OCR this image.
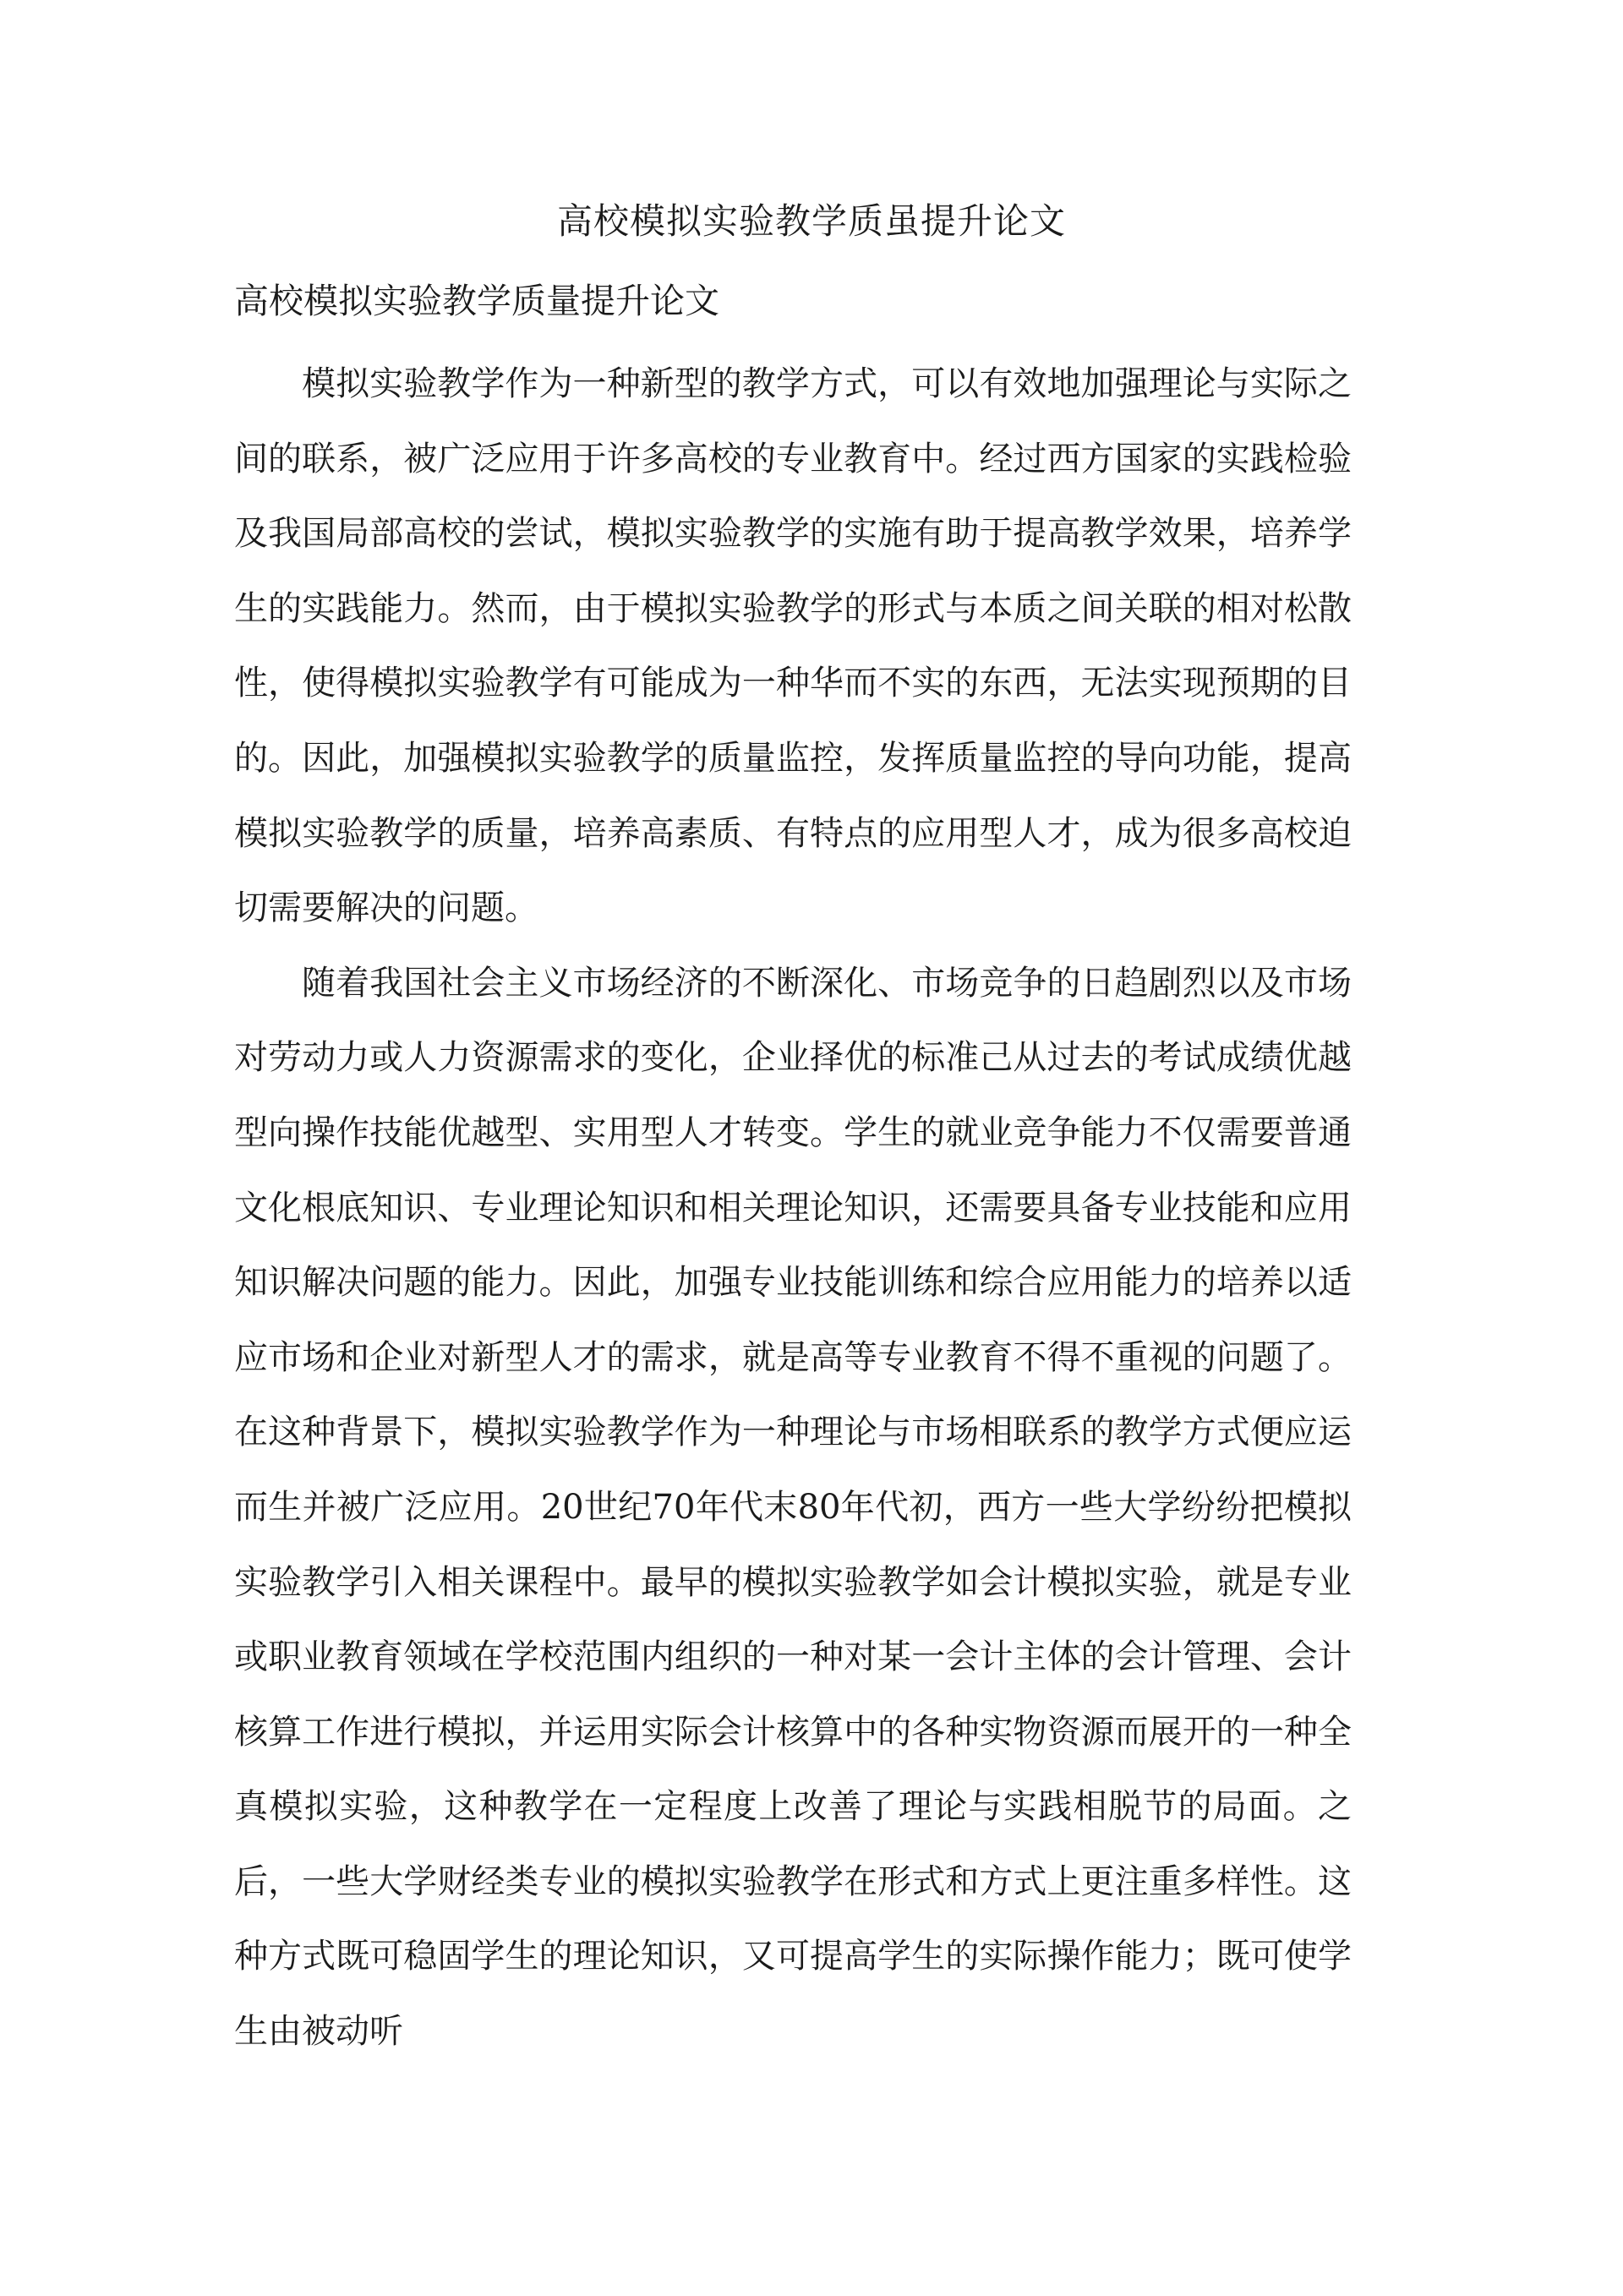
高校模拟实验教学质虽提升论文
高校模拟实验教学质量提升论文

模拟实验教学作为一种新型的教学方式，可以有效地加强理论与实际之间的联系，被广泛应用于许多高校的专业教育中。经过西方国家的实践检验及我国局部高校的尝试，模拟实验教学的实施有助于提高教学效果，培养学生的实践能力。然而，由于模拟实验教学的形式与本质之间关联的相对松散性，使得模拟实验教学有可能成为一种华而不实的东西，无法实现预期的目的。因此，加强模拟实验教学的质量监控，发挥质量监控的导向功能，提高模拟实验教学的质量，培养高素质、有特点的应用型人才，成为很多高校迫切需要解决的问题。

随着我国社会主义市场经济的不断深化、市场竞争的日趋剧烈以及市场对劳动力或人力资源需求的变化，企业择优的标准己从过去的考试成绩优越型向操作技能优越型、实用型人才转变。学生的就业竞争能力不仅需要普通文化根底知识、专业理论知识和相关理论知识，还需要具备专业技能和应用知识解决问题的能力。因此，加强专业技能训练和综合应用能力的培养以适应市场和企业对新型人才的需求，就是高等专业教育不得不重视的问题了。在这种背景下，模拟实验教学作为一种理论与市场相联系的教学方式便应运而生并被广泛应用。20世纪70年代末80年代初，西方一些大学纷纷把模拟实验教学引入相关课程中。最早的模拟实验教学如会计模拟实验，就是专业或职业教育领域在学校范围内组织的一种对某一会计主体的会计管理、会计核算工作进行模拟，并运用实际会计核算中的各种实物资源而展开的一种全真模拟实验，这种教学在一定程度上改善了理论与实践相脱节的局面。之后，一些大学财经类专业的模拟实验教学在形式和方式上更注重多样性。这种方式既可稳固学生的理论知识，又可提高学生的实际操作能力；既可使学生由被动听
